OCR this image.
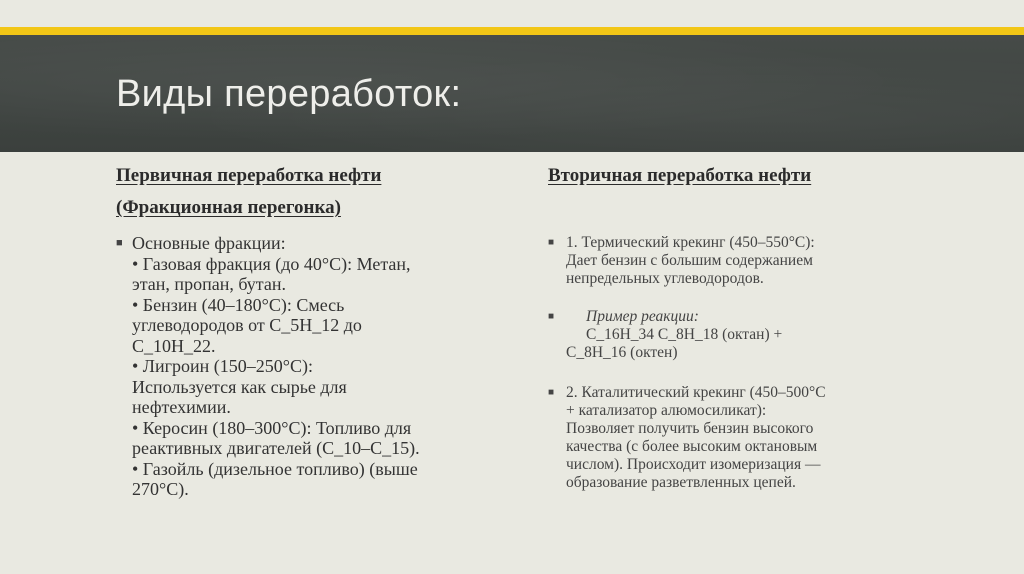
Виды переработок:
Первичная переработка нефти
(Фракционная перегонка)
Вторичная переработка нефти
■ Основные фракции:
• Газовая фракция (до 40°С): Метан,
этан, пропан, бутан.
• Бензин (40–180°С): Смесь
углеводородов от C_5H_12 до
C_10H_22.
• Лигроин (150–250°С):
Используется как сырье для
нефтехимии.
• Керосин (180–300°С): Топливо для
реактивных двигателей (C_10–C_15).
• Газойль (дизельное топливо) (выше
270°С).
■ 1. Термический крекинг (450–550°С):
Дает бензин с большим содержанием
непредельных углеводородов.
■	Пример реакции:
C_16H_34 C_8H_18 (октан) +
C_8H_16 (октен)
■ 2. Каталитический крекинг (450–500°С
+ катализатор алюмосиликат):
Позволяет получить бензин высокого
качества (с более высоким октановым
числом). Происходит изомеризация —
образование разветвленных цепей.
